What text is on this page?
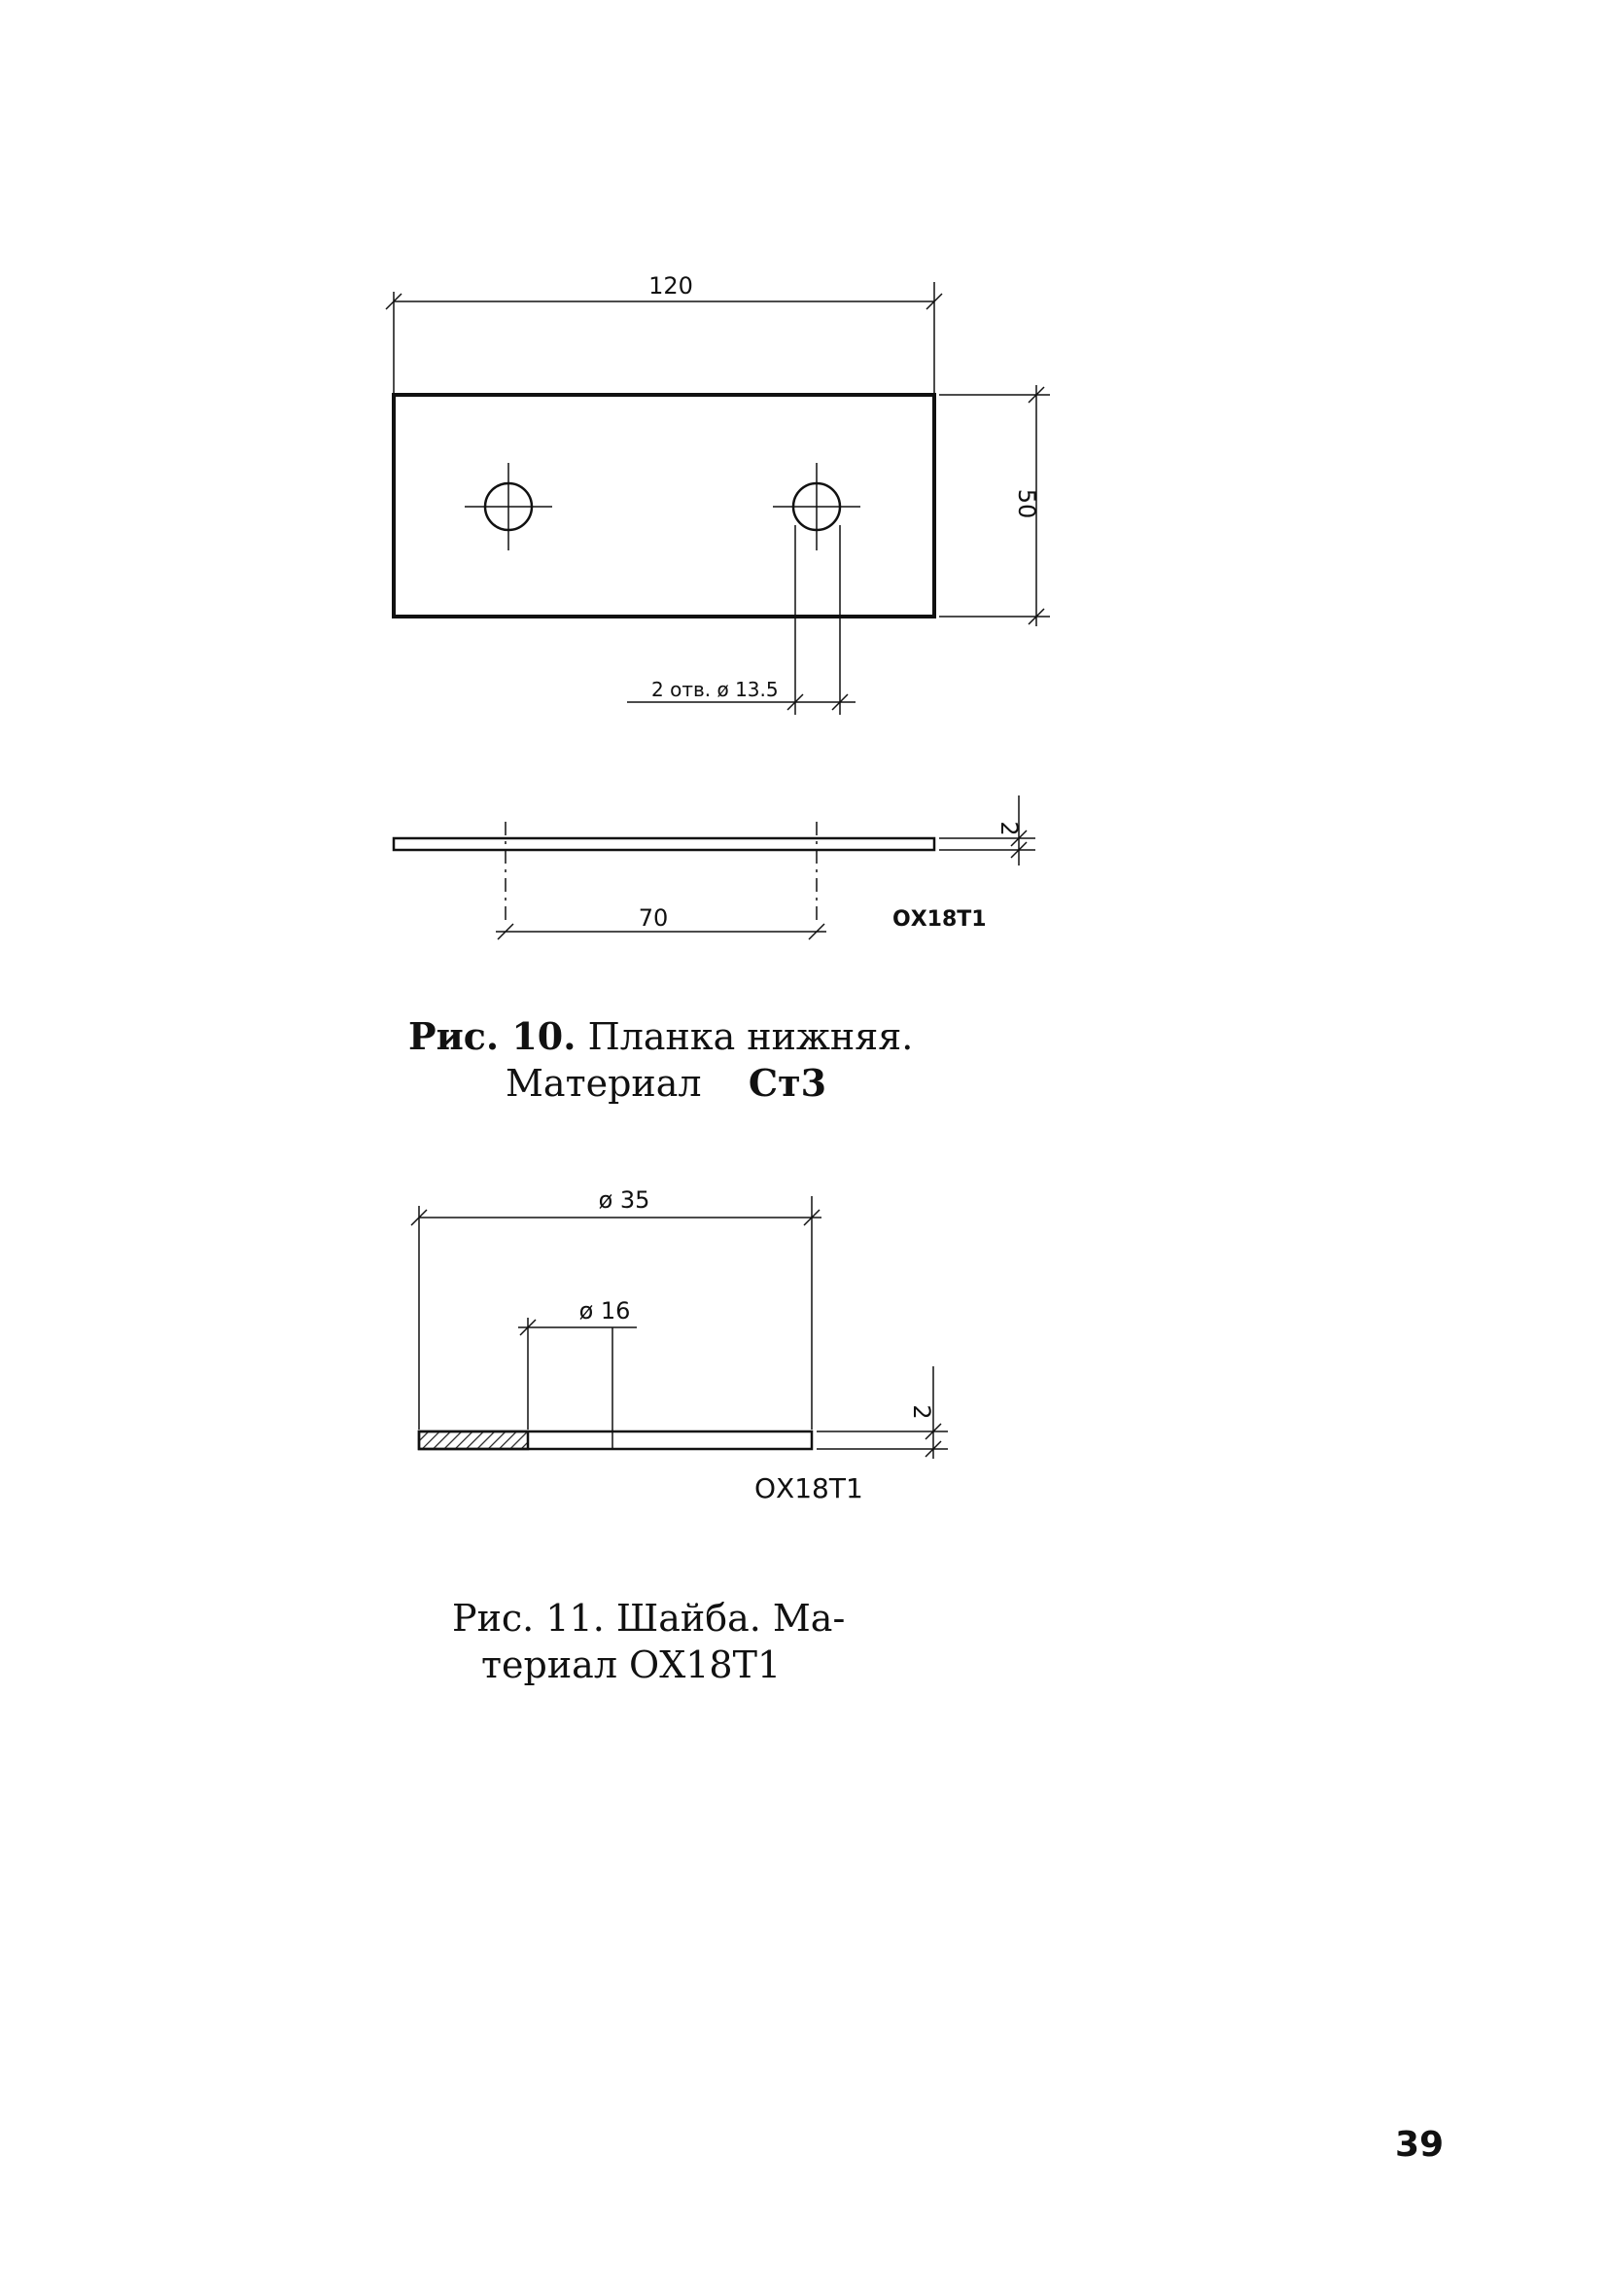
120
50
2 отв. ø 13.5
70
2
ОХ18Т1
ø 35
ø 16
2
ОХ18Т1
Рис. 10. Планка нижняя.
Материал Ст3
Рис. 11. Шайба. Ма-
териал ОХ18Т1
39
